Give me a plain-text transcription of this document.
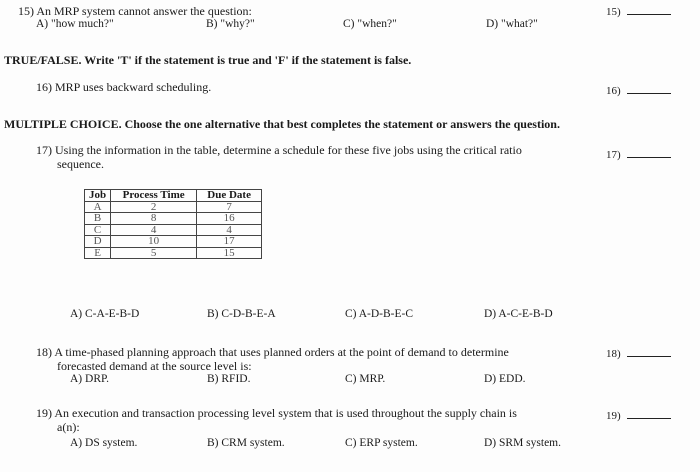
15) An MRP system cannot answer the question:
A) "how much?"	B) "why?"	C) "when?"	D) "what?"
15)
TRUE/FALSE. Write 'T' if the statement is true and 'F' if the statement is false.
16) MRP uses backward scheduling.	16)
MULTIPLE CHOICE. Choose the one alternative that best completes the statement or answers the question.
17) Using the information in the table, determine a schedule for these five jobs using the critical ratio
sequence.
17)
Job	Process Time	Due Date
A	2	7
B	8	16
C	4	4
D	10	17
E	5	15
A) C-A-E-B-D	B) C-D-B-E-A	C) A-D-B-E-C	D) A-C-E-B-D
18) A time-phased planning approach that uses planned orders at the point of demand to determine
forecasted demand at the source level is:
A) DRP.	B) RFID.	C) MRP.	D) EDD.
18)
19) An execution and transaction processing level system that is used throughout the supply chain is
a(n):
A) DS system.	B) CRM system.	C) ERP system.	D) SRM system.
19)
